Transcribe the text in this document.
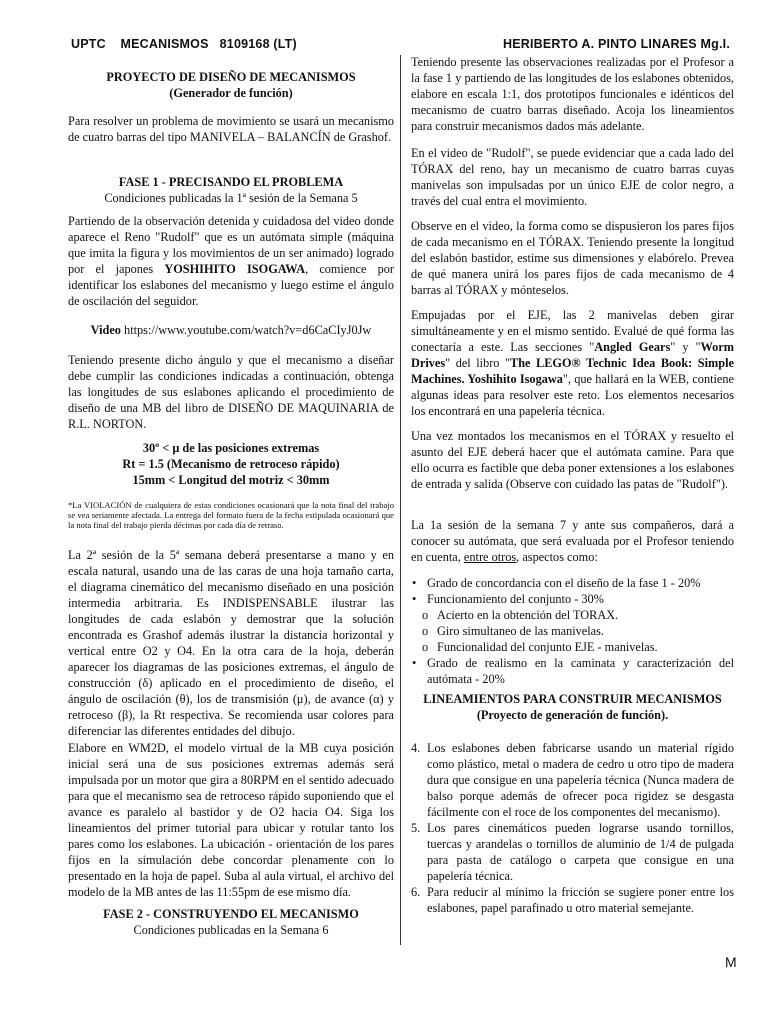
UPTC    MECANISMOS   8109168 (LT)	HERIBERTO A. PINTO LINARES Mg.I.
PROYECTO DE DISEÑO DE MECANISMOS
(Generador de función)

Para resolver un problema de movimiento se usará un mecanismo de cuatro barras del tipo MANIVELA – BALANCÍN de Grashof.

FASE 1 - PRECISANDO EL PROBLEMA
Condiciones publicadas la 1ª sesión de la Semana 5

Partiendo de la observación detenida y cuidadosa del video donde aparece el Reno "Rudolf" que es un autómata simple (máquina que imita la figura y los movimientos de un ser animado) logrado por el japones YOSHIHITO ISOGAWA, comience por identificar los eslabones del mecanismo y luego estime el ángulo de oscilación del seguidor.

Video https://www.youtube.com/watch?v=d6CaCIyJ0Jw

Teniendo presente dicho ángulo y que el mecanismo a diseñar debe cumplir las condiciones indicadas a continuación, obtenga las longitudes de sus eslabones aplicando el procedimiento de diseño de una MB del libro de DISEÑO DE MAQUINARIA de R.L. NORTON.

30º < μ de las posiciones extremas
Rt = 1.5 (Mecanismo de retroceso rápido)
15mm < Longitud del motriz < 30mm

*La VIOLACIÓN de cualquiera de estas condiciones ocasionará que la nota final del trabajo se vea seriamente afectada. La entrega del formato fuera de la fecha estipulada ocasionará que la nota final del trabajo pierda décimas por cada día de retraso.

La 2ª sesión de la 5ª semana deberá presentarse a mano y en escala natural, usando una de las caras de una hoja tamaño carta, el diagrama cinemático del mecanismo diseñado en una posición intermedia arbitraria. Es INDISPENSABLE ilustrar las longitudes de cada eslabón y demostrar que la solución encontrada es Grashof además ilustrar la distancia horizontal y vertical entre O2 y O4. En la otra cara de la hoja, deberán aparecer los diagramas de las posiciones extremas, el ángulo de construcción (δ) aplicado en el procedimiento de diseño, el ángulo de oscilación (θ), los de transmisión (μ), de avance (α) y retroceso (β), la Rt respectiva. Se recomienda usar colores para diferenciar las diferentes entidades del dibujo.

Elabore en WM2D, el modelo virtual de la MB cuya posición inicial será una de sus posiciones extremas además será impulsada por un motor que gira a 80RPM en el sentido adecuado para que el mecanismo sea de retroceso rápido suponiendo que el avance es paralelo al bastidor y de O2 hacia O4. Siga los lineamientos del primer tutorial para ubicar y rotular tanto los pares como los eslabones. La ubicación - orientación de los pares fijos en la simulación debe concordar plenamente con lo presentado en la hoja de papel. Suba al aula virtual, el archivo del modelo de la MB antes de las 11:55pm de ese mismo día.

FASE 2 - CONSTRUYENDO EL MECANISMO
Condiciones publicadas en la Semana 6

Teniendo presente las observaciones realizadas por el Profesor a la fase 1 y partiendo de las longitudes de los eslabones obtenidos, elabore en escala 1:1, dos prototipos funcionales e idénticos del mecanismo de cuatro barras diseñado. Acoja los lineamientos para construir mecanismos dados más adelante.

En el video de "Rudolf", se puede evidenciar que a cada lado del TÓRAX del reno, hay un mecanismo de cuatro barras cuyas manivelas son impulsadas por un único EJE de color negro, a través del cual entra el movimiento.

Observe en el video, la forma como se dispusieron los pares fijos de cada mecanismo en el TÓRAX. Teniendo presente la longitud del eslabón bastidor, estime sus dimensiones y elabórelo. Prevea de qué manera unirá los pares fijos de cada mecanismo de 4 barras al TÓRAX y mónteselos.

Empujadas por el EJE, las 2 manivelas deben girar simultáneamente y en el mismo sentido. Evalué de qué forma las conectaría a este. Las secciones "Angled Gears" y "Worm Drives" del libro "The LEGO® Technic Idea Book: Simple Machines. Yoshihito Isogawa", que hallará en la WEB, contiene algunas ideas para resolver este reto. Los elementos necesarios los encontrará en una papelería técnica.

Una vez montados los mecanismos en el TÓRAX y resuelto el asunto del EJE deberá hacer que el autómata camine. Para que ello ocurra es factible que deba poner extensiones a los eslabones de entrada y salida (Observe con cuidado las patas de "Rudolf").

La 1a sesión de la semana 7 y ante sus compañeros, dará a conocer su autómata, que será evaluada por el Profesor teniendo en cuenta, entre otros, aspectos como:

• Grado de concordancia con el diseño de la fase 1 - 20%
• Funcionamiento del conjunto - 30%
o Acierto en la obtención del TORAX.
o Giro simultaneo de las manivelas.
o Funcionalidad del conjunto EJE - manivelas.
• Grado de realismo en la caminata y caracterización del autómata - 20%
LINEAMIENTOS PARA CONSTRUIR MECANISMOS
(Proyecto de generación de función).
4. Los eslabones deben fabricarse usando un material rígido como plástico, metal o madera de cedro u otro tipo de madera dura que consigue en una papelería técnica (Nunca madera de balso porque además de ofrecer poca rigidez se desgasta fácilmente con el roce de los componentes del mecanismo).
5. Los pares cinemáticos pueden lograrse usando tornillos, tuercas y arandelas o tornillos de aluminio de 1/4 de pulgada para pasta de catálogo o carpeta que consigue en una papelería técnica.
6. Para reducir al mínimo la fricción se sugiere poner entre los eslabones, papel parafinado u otro material semejante.
M
